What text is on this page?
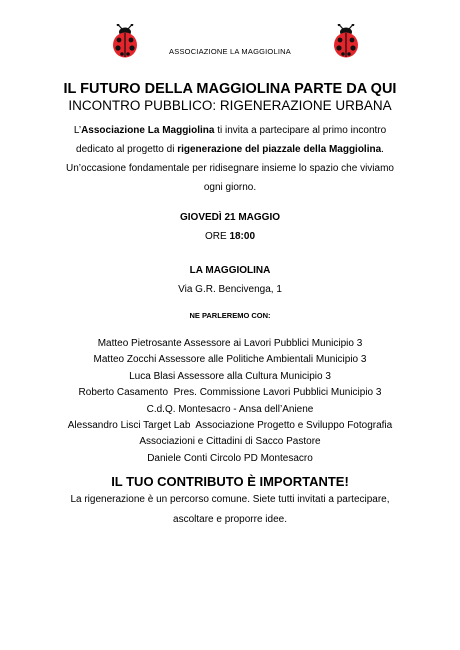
ASSOCIAZIONE LA MAGGIOLINA

IL FUTURO DELLA MAGGIOLINA PARTE DA QUI

INCONTRO PUBBLICO: RIGENERAZIONE URBANA

L’Associazione La Maggiolina ti invita a partecipare al primo incontro
dedicato al progetto di rigenerazione del piazzale della Maggiolina.
Un’occasione fondamentale per ridisegnare insieme lo spazio che viviamo
ogni giorno.
GIOVEDÌ 21 MAGGIO
ORE 18:00
LA MAGGIOLINA
Via G.R. Bencivenga, 1

NE PARLEREMO CON:

Matteo Pietrosante Assessore ai Lavori Pubblici Municipio 3
Matteo Zocchi Assessore alle Politiche Ambientali Municipio 3
Luca Blasi Assessore alla Cultura Municipio 3
Roberto Casamento  Pres. Commissione Lavori Pubblici Municipio 3
C.d.Q. Montesacro - Ansa dell’Aniene
Alessandro Lisci Target Lab  Associazione Progetto e Sviluppo Fotografia
Associazioni e Cittadini di Sacco Pastore
Daniele Conti Circolo PD Montesacro

IL TUO CONTRIBUTO È IMPORTANTE!

La rigenerazione è un percorso comune. Siete tutti invitati a partecipare,
ascoltare e proporre idee.
